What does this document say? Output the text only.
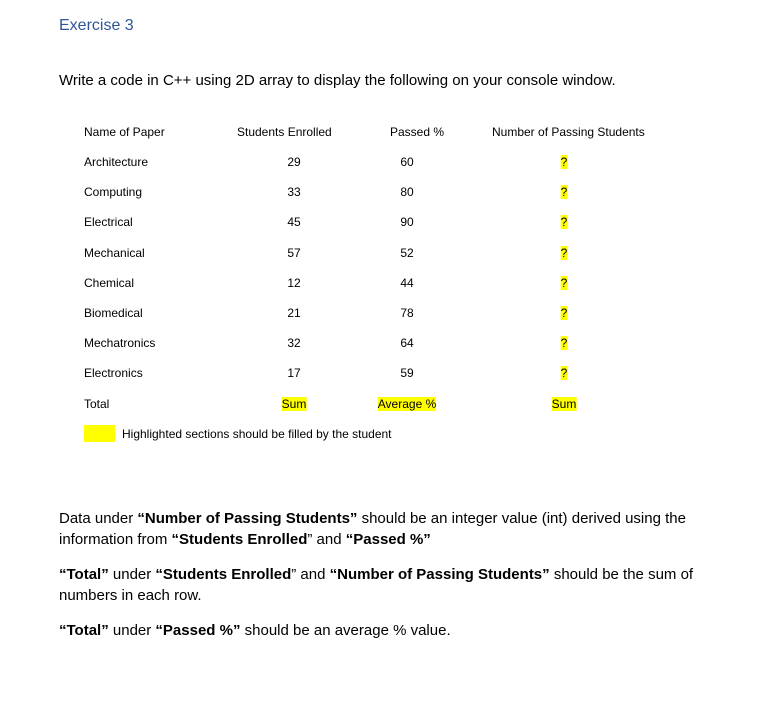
Exercise 3
Write a code in C++ using 2D array to display the following on your console window.
Name of Paper	Students Enrolled	Passed %	Number of Passing Students
Architecture	29	60	?
Computing	33	80	?
Electrical	45	90	?
Mechanical	57	52	?
Chemical	12	44	?
Biomedical	21	78	?
Mechatronics	32	64	?
Electronics	17	59	?
Total	Sum	Average %	Sum
Highlighted sections should be filled by the student
Data under “Number of Passing Students” should be an integer value (int) derived using the information from “Students Enrolled” and “Passed %”
“Total” under “Students Enrolled” and “Number of Passing Students” should be the sum of numbers in each row.
“Total” under “Passed %” should be an average % value.
